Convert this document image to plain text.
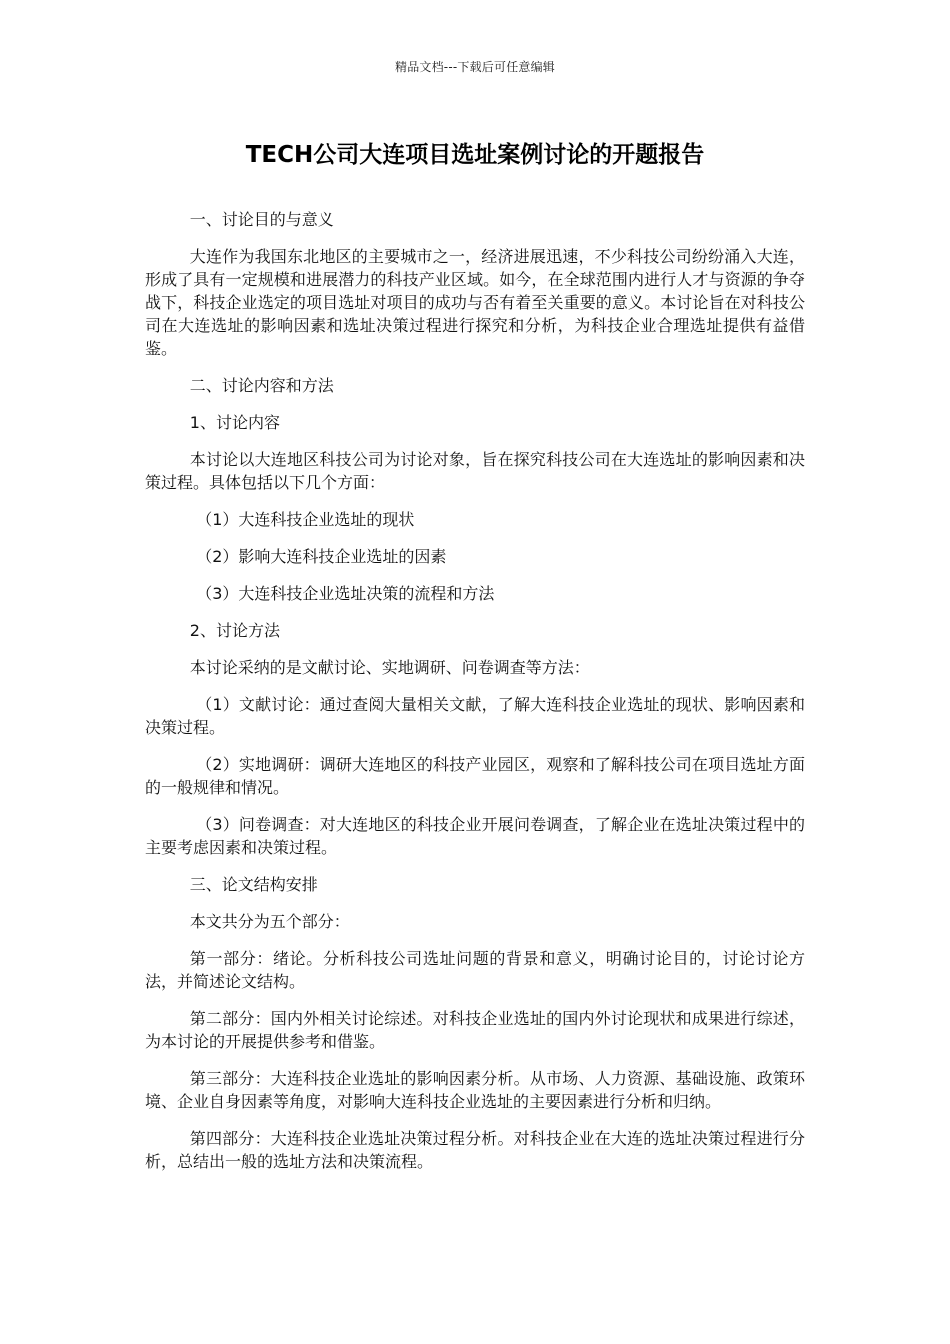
精品文档---下载后可任意编辑
TECH公司大连项目选址案例讨论的开题报告

一、讨论目的与意义

大连作为我国东北地区的主要城市之一，经济进展迅速，不少科技公司纷纷涌入大连，形成了具有一定规模和进展潜力的科技产业区域。如今，在全球范围内进行人才与资源的争夺战下，科技企业选定的项目选址对项目的成功与否有着至关重要的意义。本讨论旨在对科技公司在大连选址的影响因素和选址决策过程进行探究和分析，为科技企业合理选址提供有益借鉴。

二、讨论内容和方法

1、讨论内容

本讨论以大连地区科技公司为讨论对象，旨在探究科技公司在大连选址的影响因素和决策过程。具体包括以下几个方面：

（1）大连科技企业选址的现状

（2）影响大连科技企业选址的因素

（3）大连科技企业选址决策的流程和方法

2、讨论方法

本讨论采纳的是文献讨论、实地调研、问卷调查等方法：

（1）文献讨论：通过查阅大量相关文献，了解大连科技企业选址的现状、影响因素和决策过程。

（2）实地调研：调研大连地区的科技产业园区，观察和了解科技公司在项目选址方面的一般规律和情况。

（3）问卷调查：对大连地区的科技企业开展问卷调查，了解企业在选址决策过程中的主要考虑因素和决策过程。

三、论文结构安排

本文共分为五个部分：

第一部分：绪论。分析科技公司选址问题的背景和意义，明确讨论目的，讨论讨论方法，并简述论文结构。

第二部分：国内外相关讨论综述。对科技企业选址的国内外讨论现状和成果进行综述，为本讨论的开展提供参考和借鉴。

第三部分：大连科技企业选址的影响因素分析。从市场、人力资源、基础设施、政策环境、企业自身因素等角度，对影响大连科技企业选址的主要因素进行分析和归纳。

第四部分：大连科技企业选址决策过程分析。对科技企业在大连的选址决策过程进行分析，总结出一般的选址方法和决策流程。
